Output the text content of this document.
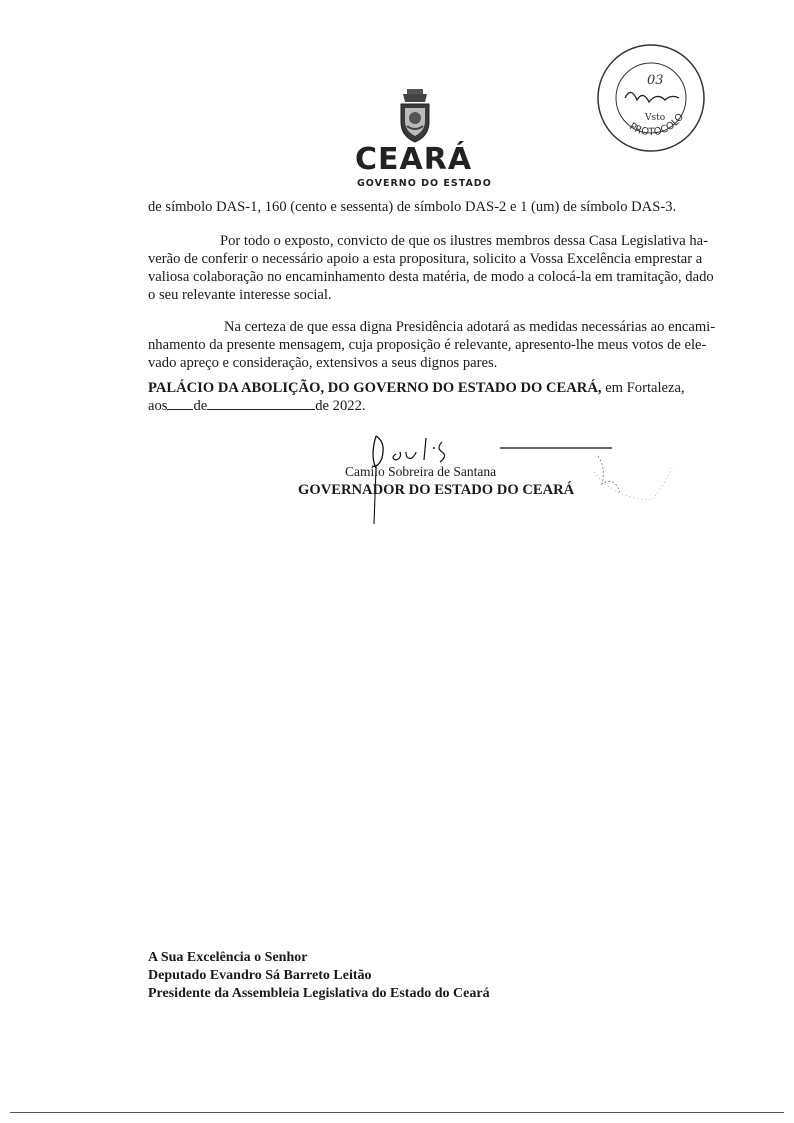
CEARÁ
GOVERNO DO ESTADO
PROTOCOLO
03
Vsto

de símbolo DAS-1, 160 (cento e sessenta) de símbolo DAS-2 e 1 (um) de símbolo DAS-3.

Por todo o exposto, convicto de que os ilustres membros dessa Casa Legislativa ha-

verão de conferir o necessário apoio a esta propositura, solicito a Vossa Excelência emprestar a

valiosa colaboração no encaminhamento desta matéria, de modo a colocá-la em tramitação, dado

o seu relevante interesse social.

Na certeza de que essa digna Presidência adotará as medidas necessárias ao encami-

nhamento da presente mensagem, cuja proposição é relevante, apresento-lhe meus votos de ele-

vado apreço e consideração, extensivos a seus dignos pares.

PALÁCIO DA ABOLIÇÃO, DO GOVERNO DO ESTADO DO CEARÁ, em Fortaleza,
aos de	de 2022.
Camilo Sobreira de Santana
GOVERNADOR DO ESTADO DO CEARÁ
A Sua Excelência o Senhor
Deputado Evandro Sá Barreto Leitão
Presidente da Assembleia Legislativa do Estado do Ceará
